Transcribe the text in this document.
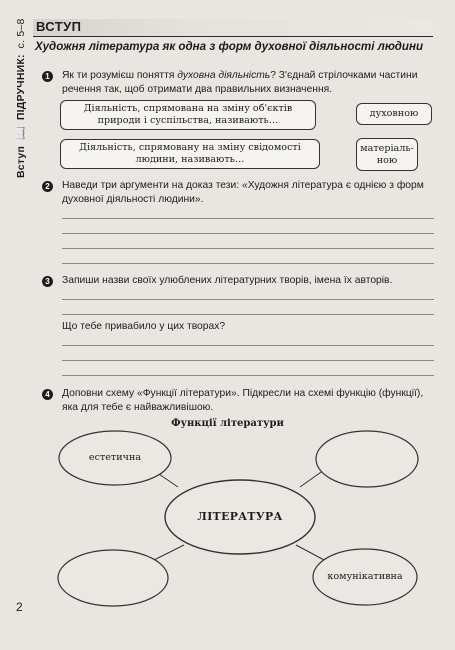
Вступ
📖
ПІДРУЧНИК:
с. 5–8 ВСТУП
Художня література як одна з форм духовної діяльності людини
1	Як ти розумієш поняття духовна діяльність? З'єднай стрілочками частини речення так, щоб отримати два правильних визначення.
Діяльність, спрямована на зміну об'єктів природи і суспільства, називають…
духовною
Діяльність, спрямовану на зміну свідомості людини, називають…
матеріаль-ною
2	Наведи три аргументи на доказ тези: «Художня література є однією з форм духовної діяльності людини».
3	Запиши назви своїх улюблених літературних творів, імена їх авторів.
Що тебе привабило у цих творах?
4	Доповни схему «Функції літератури». Підкресли на схемі функцію (функції), яка для тебе є найважливішою.
Функції літератури
естетична
ЛІТЕРАТУРА
комунікативна
2
